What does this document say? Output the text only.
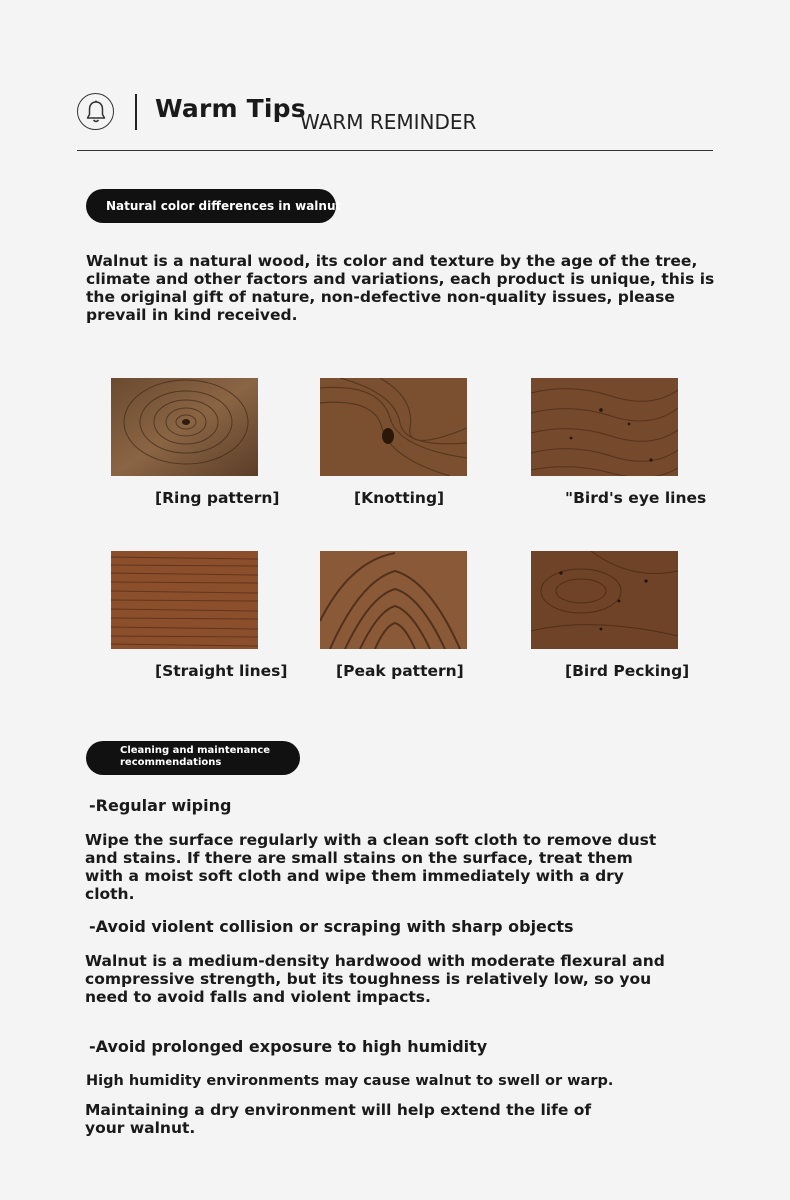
Warm Tips
WARM REMINDER
Natural color differences in walnut
Walnut is a natural wood, its color and texture by the age of the tree, climate and other factors and variations, each product is unique, this is the original gift of nature, non-defective non-quality issues, please prevail in kind received.
[Ring pattern]	[Knotting]	"Bird's eye lines
[Straight lines]	[Peak pattern]	[Bird Pecking]
Cleaning and maintenance recommendations
-Regular wiping
Wipe the surface regularly with a clean soft cloth to remove dust and stains. If there are small stains on the surface, treat them with a moist soft cloth and wipe them immediately with a dry cloth.
-Avoid violent collision or scraping with sharp objects
Walnut is a medium-density hardwood with moderate flexural and compressive strength, but its toughness is relatively low, so you need to avoid falls and violent impacts.
-Avoid prolonged exposure to high humidity
High humidity environments may cause walnut to swell or warp.
Maintaining a dry environment will help extend the life of your walnut.
